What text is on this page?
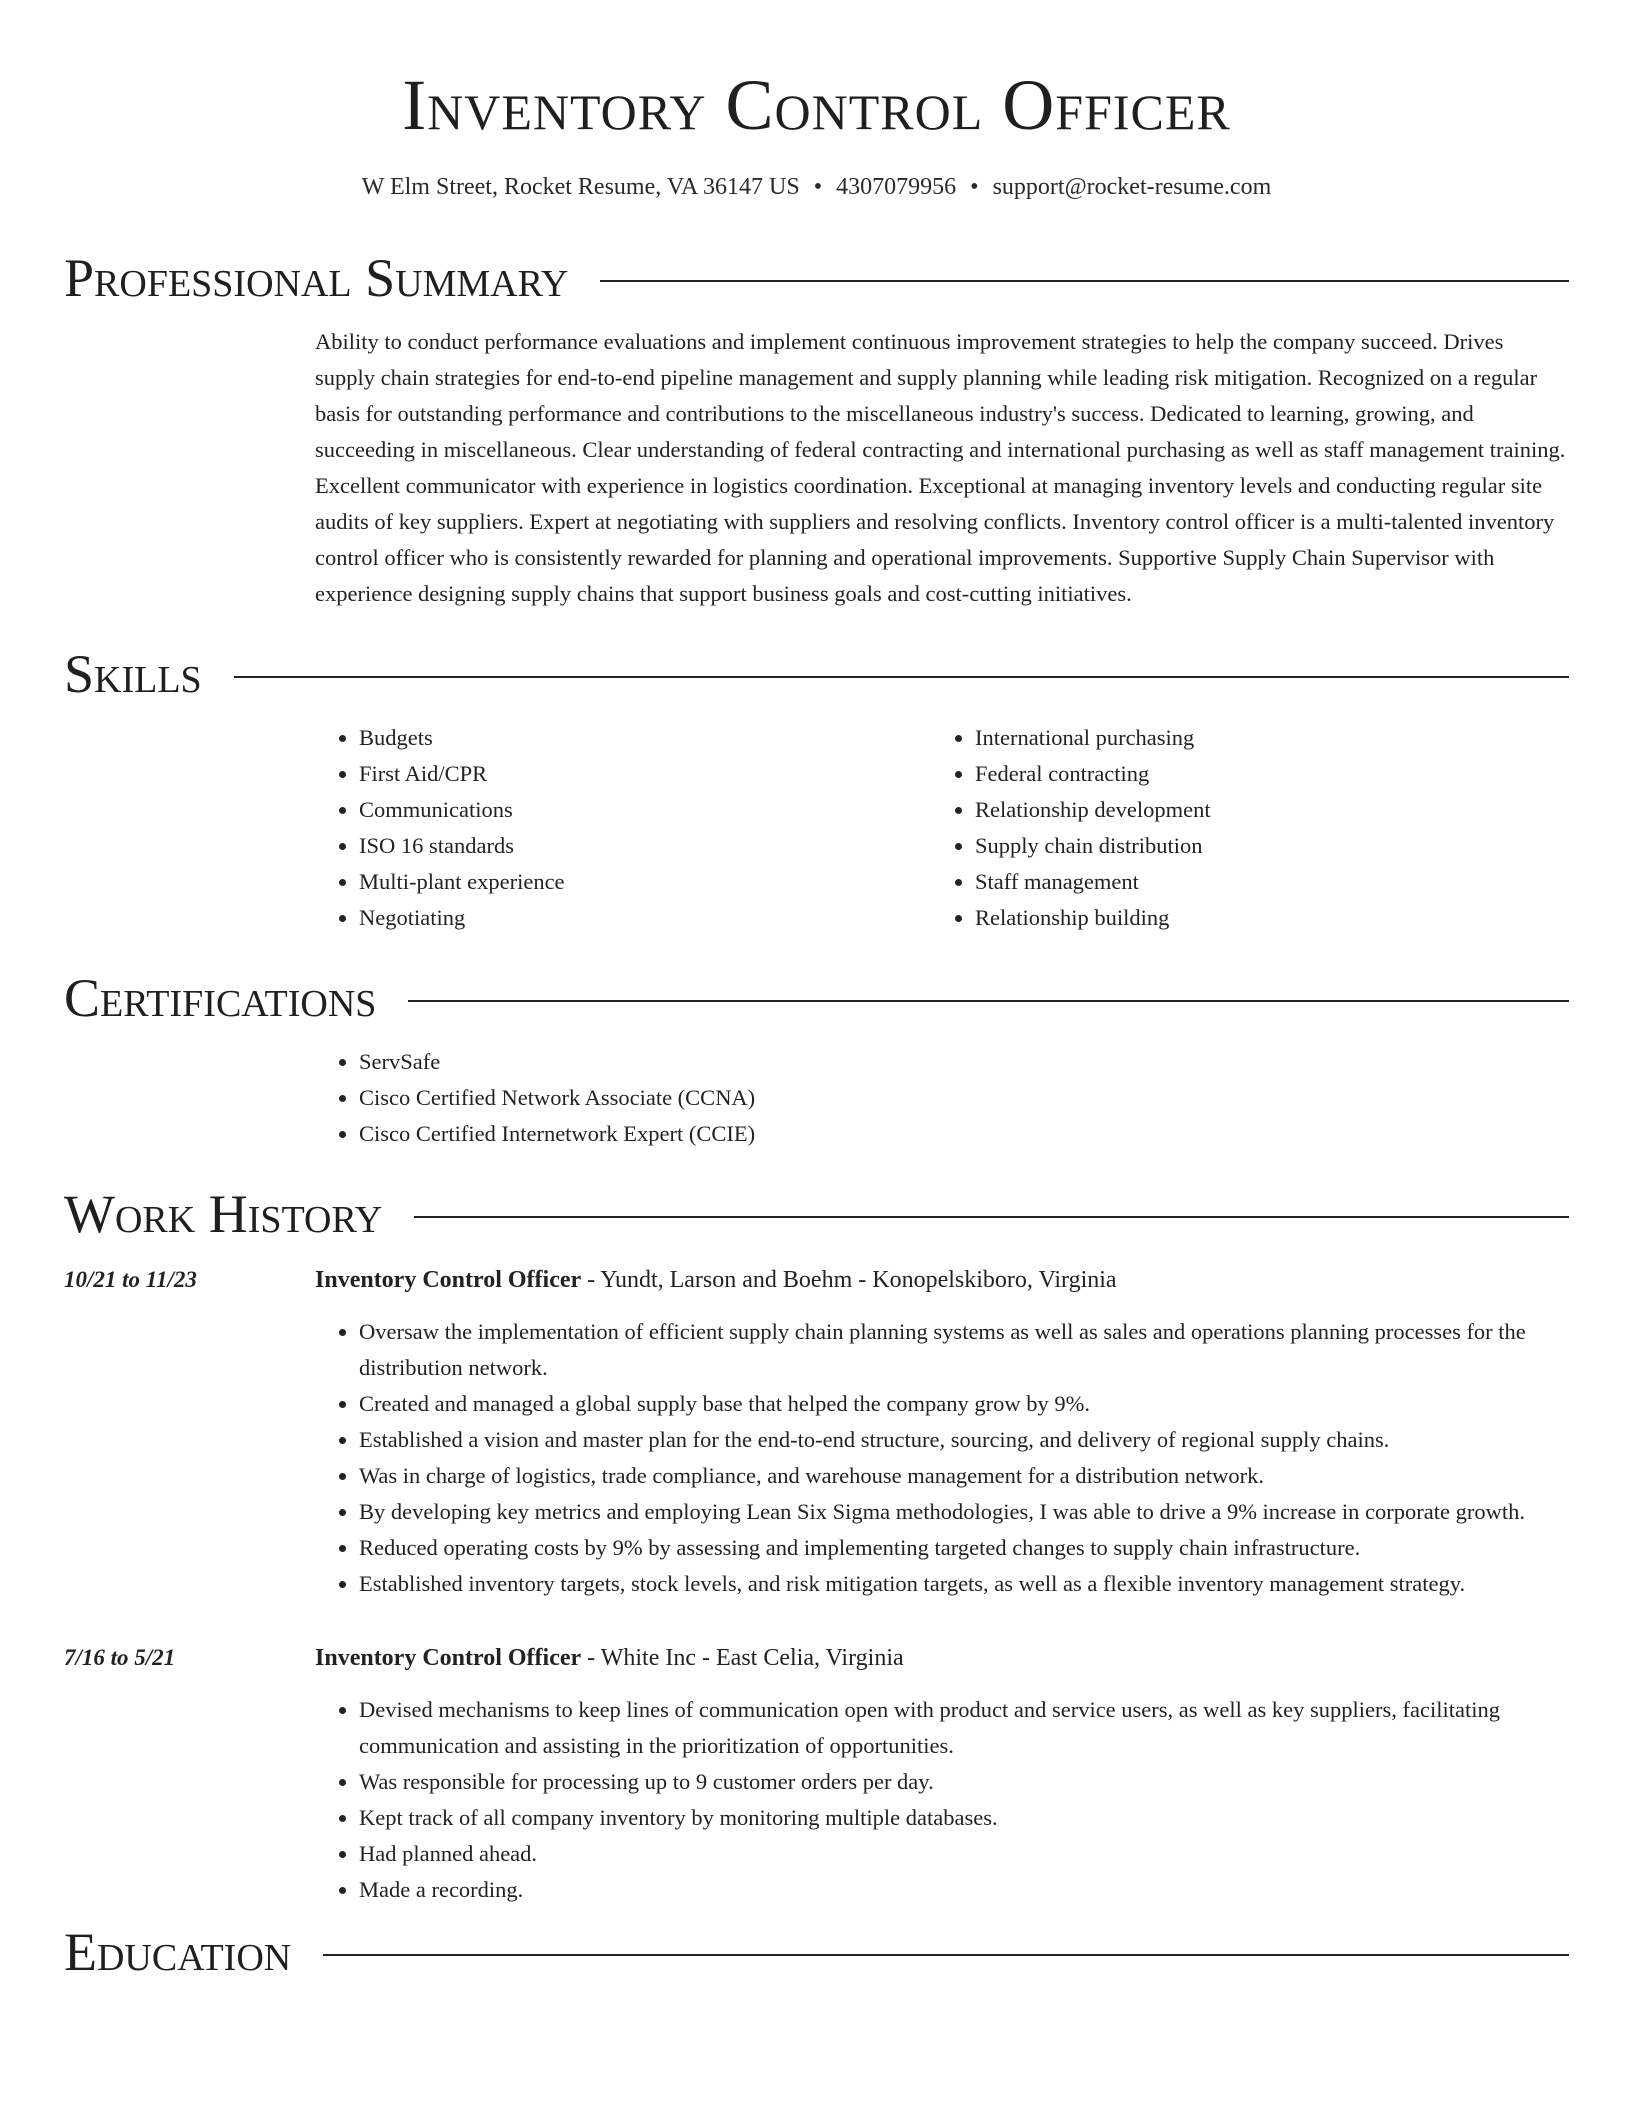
Inventory Control Officer
W Elm Street, Rocket Resume, VA 36147 US • 4307079956 • support@rocket-resume.com
Professional Summary
Ability to conduct performance evaluations and implement continuous improvement strategies to help the company succeed. Drives supply chain strategies for end-to-end pipeline management and supply planning while leading risk mitigation. Recognized on a regular basis for outstanding performance and contributions to the miscellaneous industry's success. Dedicated to learning, growing, and succeeding in miscellaneous. Clear understanding of federal contracting and international purchasing as well as staff management training. Excellent communicator with experience in logistics coordination. Exceptional at managing inventory levels and conducting regular site audits of key suppliers. Expert at negotiating with suppliers and resolving conflicts. Inventory control officer is a multi-talented inventory control officer who is consistently rewarded for planning and operational improvements. Supportive Supply Chain Supervisor with experience designing supply chains that support business goals and cost-cutting initiatives.
Skills
• Budgets
• First Aid/CPR
• Communications
• ISO 16 standards
• Multi-plant experience
• Negotiating
• International purchasing
• Federal contracting
• Relationship development
• Supply chain distribution
• Staff management
• Relationship building
Certifications
• ServSafe
• Cisco Certified Network Associate (CCNA)
• Cisco Certified Internetwork Expert (CCIE)
Work History
10/21 to 11/23	Inventory Control Officer - Yundt, Larson and Boehm - Konopelskiboro, Virginia
• Oversaw the implementation of efficient supply chain planning systems as well as sales and operations planning processes for the distribution network.
• Created and managed a global supply base that helped the company grow by 9%.
• Established a vision and master plan for the end-to-end structure, sourcing, and delivery of regional supply chains.
• Was in charge of logistics, trade compliance, and warehouse management for a distribution network.
• By developing key metrics and employing Lean Six Sigma methodologies, I was able to drive a 9% increase in corporate growth.
• Reduced operating costs by 9% by assessing and implementing targeted changes to supply chain infrastructure.
• Established inventory targets, stock levels, and risk mitigation targets, as well as a flexible inventory management strategy.
7/16 to 5/21	Inventory Control Officer - White Inc - East Celia, Virginia
• Devised mechanisms to keep lines of communication open with product and service users, as well as key suppliers, facilitating communication and assisting in the prioritization of opportunities.
• Was responsible for processing up to 9 customer orders per day.
• Kept track of all company inventory by monitoring multiple databases.
• Had planned ahead.
• Made a recording.
Education
